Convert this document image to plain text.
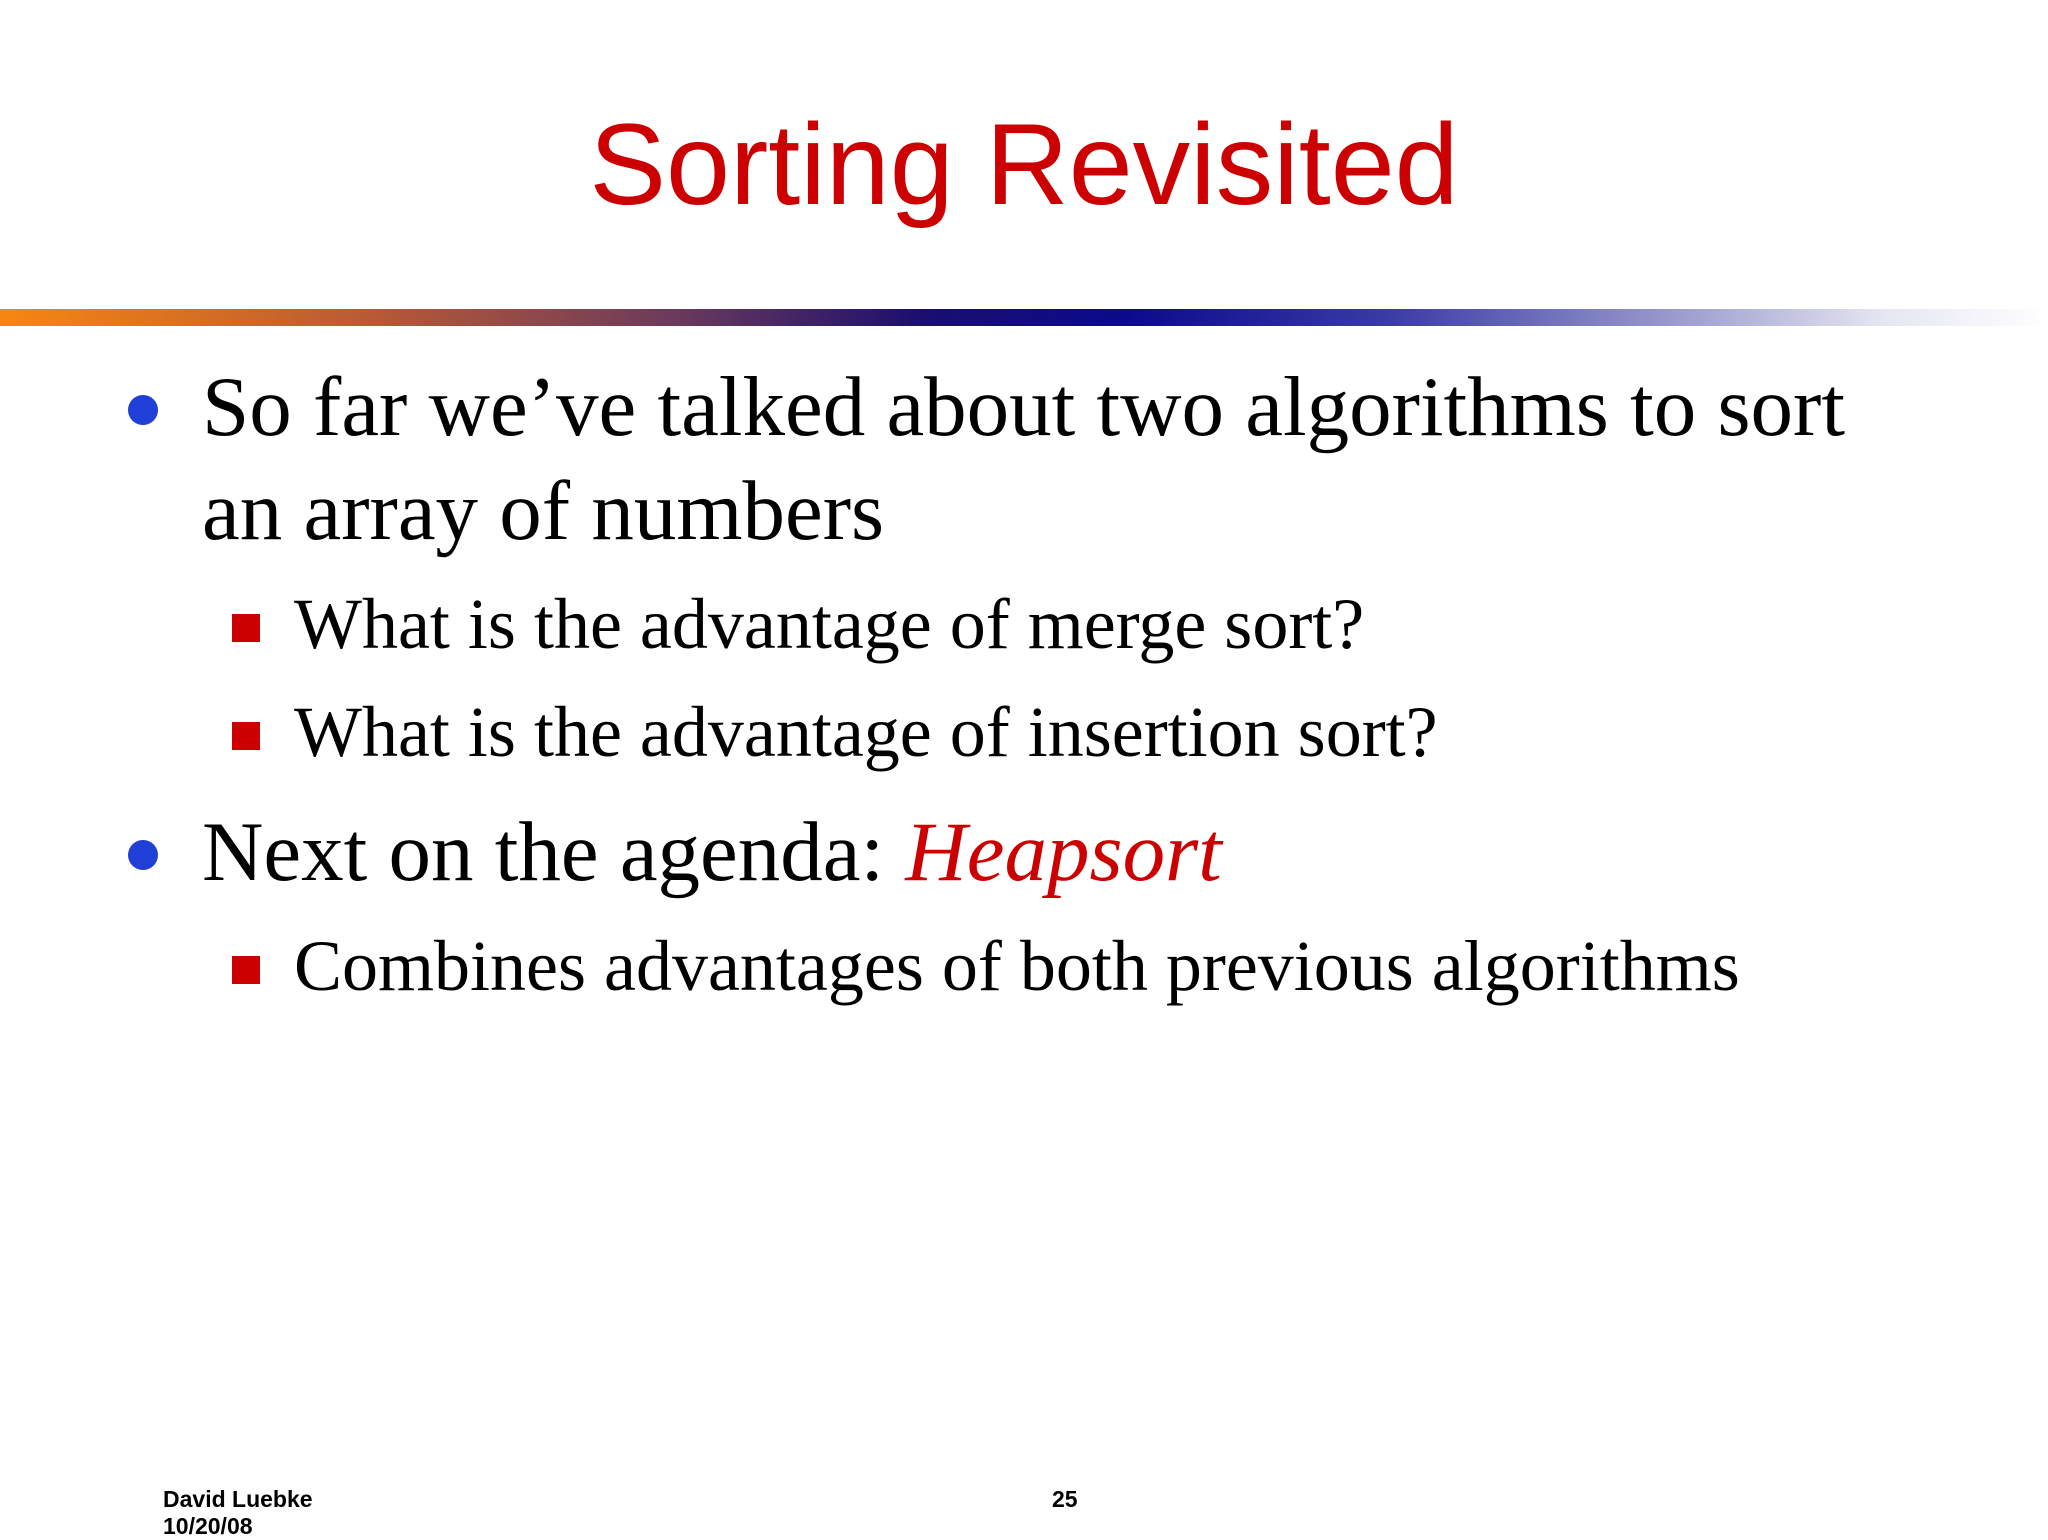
Sorting Revisited
So far we’ve talked about two algorithms to sort an array of numbers
What is the advantage of merge sort?
What is the advantage of insertion sort?
Next on the agenda: Heapsort
Combines advantages of both previous algorithms
David Luebke
10/20/08
25
